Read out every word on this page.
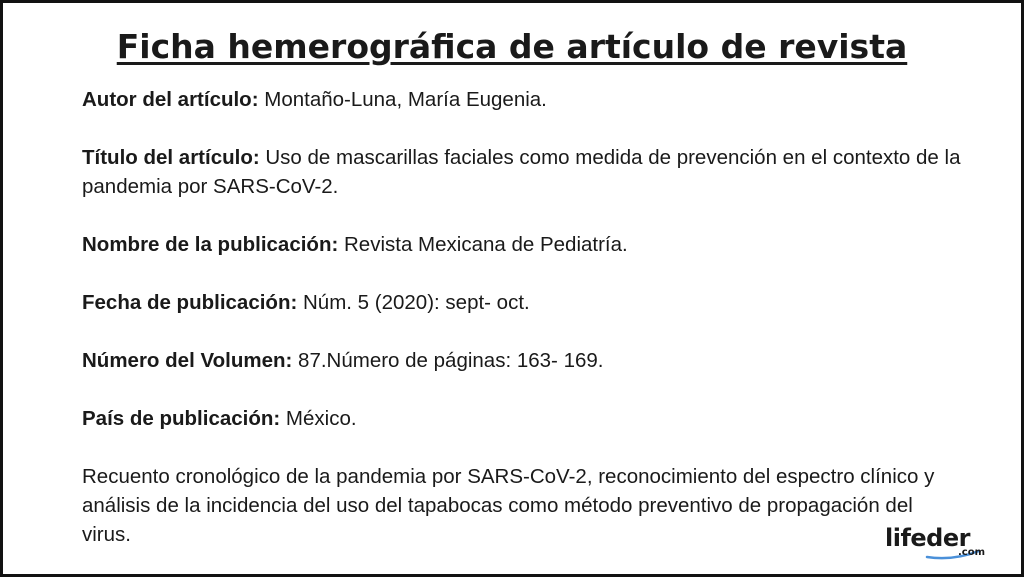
Ficha hemerográfica de artículo de revista

Autor del artículo: Montaño-Luna, María Eugenia.

Título del artículo: Uso de mascarillas faciales como medida de prevención en el contexto de la pandemia por SARS-CoV-2.

Nombre de la publicación: Revista Mexicana de Pediatría.

Fecha de publicación: Núm. 5 (2020): sept- oct.

Número del Volumen: 87.Número de páginas: 163- 169.

País de publicación: México.

Recuento cronológico de la pandemia por SARS-CoV-2, reconocimiento del espectro clínico y análisis de la incidencia del uso del tapabocas como método preventivo de propagación del virus.	lifeder
.com
